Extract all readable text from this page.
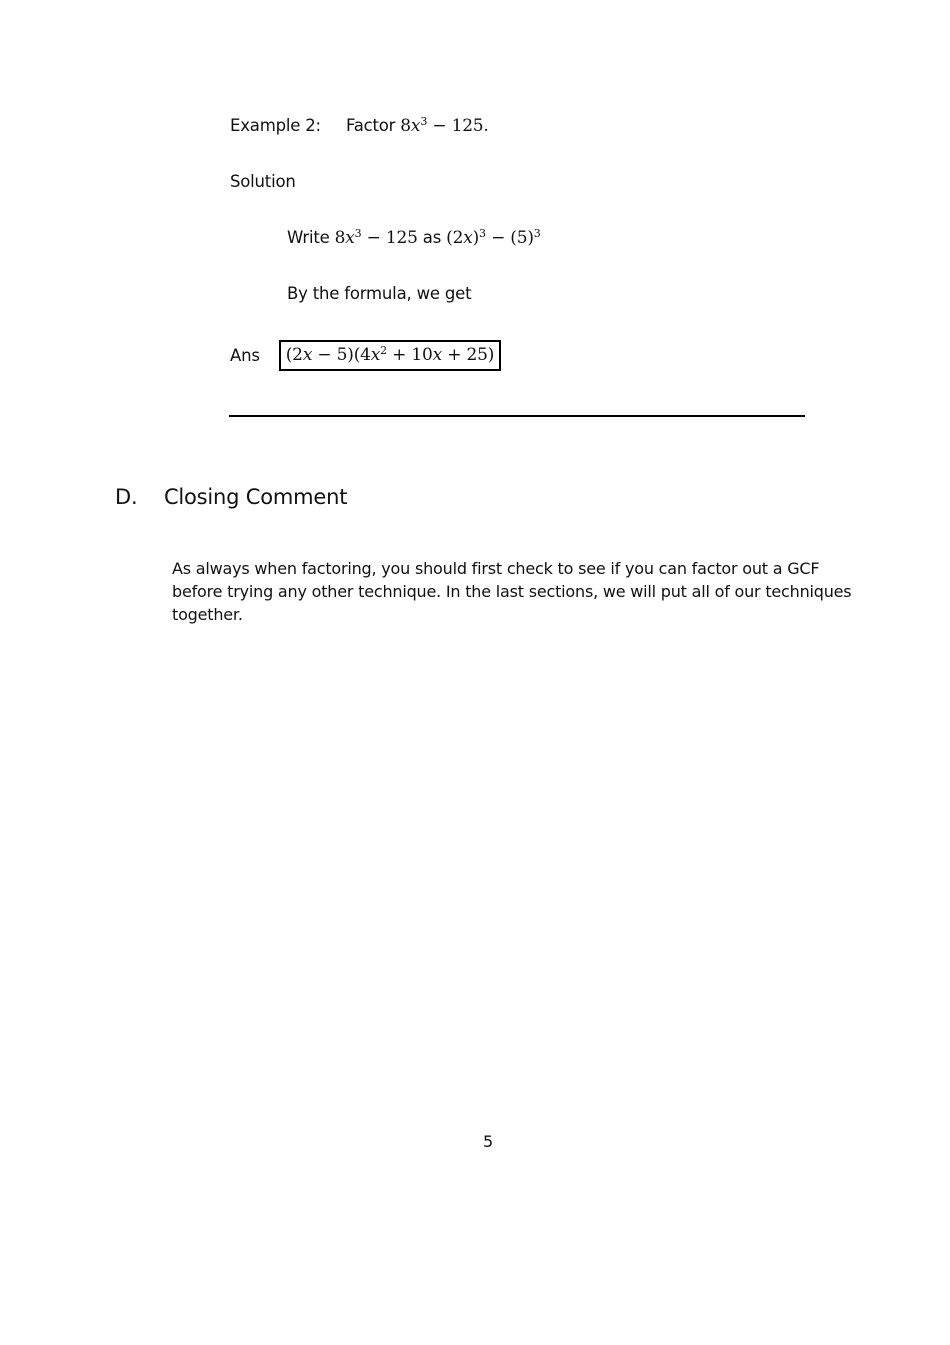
Example 2: Factor $8x^3 - 125$.
Solution
Write $8x^3 - 125$ as $(2x)^3 - (5)^3$
By the formula, we get
Ans	$(2x - 5)(4x^2 + 10x + 25)$
D. Closing Comment

As always when factoring, you should first check to see if you can factor out a GCF before trying any other technique. In the last sections, we will put all of our techniques together.

5
